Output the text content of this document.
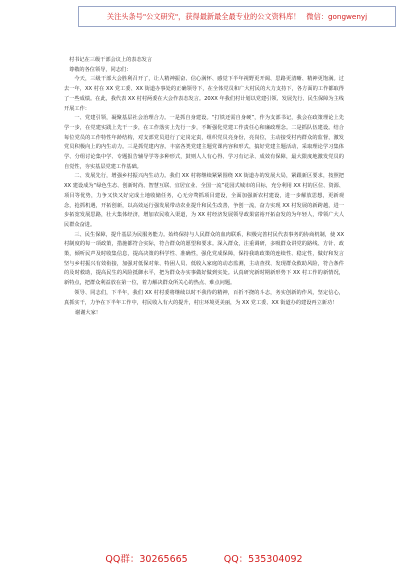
关注头条号"公文研究"，获得最新最全最专业的公文资料库！ 微信：gongwenyj

村书记在三级干部会议上的表态发言

尊敬的各位领导，同志们：

今天，三级干部大会胜利召开了，让人精神振奋、信心满怀、感觉下半年视野更开阔、思路更清晰、精神更饱满。过去一年，XX 村在 XX 党工委、XX 街道办事处的正确领导下，在全体党员和广大村民的大力支持下，各方面的工作都取得了一些成绩。在此，我代表 XX 村村两委在大会作表态发言。20XX 年我们村计划以党建引领、发展先行、民生保障为主线开展工作：

一、党建引领，凝聚基层社会治理合力。一是抓自身建设。“打铁还需自身硬”，作为支部书记，我会在政策理论上先学一步，在党建实践上先干一步，在工作落实上先行一步，不断强化党建工作责任心和廉政理念。二是抓队伍建设。结合每位党员的工作特性年龄结构，对支部党员进行了定岗定责，组织党员亮身份，亮岗位，主动接受村内群众的监督，激发党员积极向上的内生动力。三是抓党建内容。丰富各类党建主题党课内容和形式，搞好党建主题活动，采取理论学习集体学、分组讨论集中学、专题报告辅导学等多种形式，鼓则人人有心得、学习有记录、成效有保障，最大限度地激发党员的自觉性，夯实基层党建工作基础。

二、发展先行，增强乡村振兴内生动力。我们 XX 村将继续紧紧围绕 XX 街道办的发展大局，紧跟新区要求，按照把 XX 建设成为“绿色生态、创新时尚、智慧互联、宜居宜业、全国一流”花园式城市的目标，充分利用 XX 村的区位、资源、项目等优势，力争又快又好完成土地收储任务，心无旁骛抓项目建设，全面加强新农村建设，进一步解放思想，更新观念，抢抓机遇，开拓创新，以高效运行强发展带动农业提升和民生改善，争创一流，奋力实现 XX 村发展的新跨越，进一步拓宽发展思路，壮大集体经济，增加农民收入渠道，为 XX 村经济发展领导政果富裕开拓奋发的为年轻人，带领广大人民群众奋进。

三、民生保障，提升基层为民服务能力。始终保持与人民群众的血肉联系，积极完善村民代表事务的协商机制，使 XX 村制度的每一项政策，措施都符合实际，符合群众的愿望和要求。深入群众，注重调研，多吸群众讲党的路线、方针、政策，倾听民声及时收集信息，提高决策的科学性、准确性，强化党成保障，保持我助政策的连续性、稳定性，做好和发言坚与乡村振兴有效衔接，加强对低保对象、特困人员、低收入家庭的动态监测，主动查找、发现群众救助风险，符合条件的及时救助，提高民生的风险抵御水平，把为群众办实事做好做到实处。认真研究新时期新形势下 XX 村工作的新情况，新特点，把群众利益放在第一位，着力解决群众所关心的热点、难点问题。

领导、同志们，下半年，我们 XX 村村委将继续以时不我待的精神，百折不挠的斗志，务实创新的作风，坚定信心，真抓实干，力争在下半年工作中，村民收入有大的提升，村庄环境更美丽，为 XX 党工委、XX 街道办的建设再立新功！

谢谢大家！

QQ群：30265665	QQ：535304092
